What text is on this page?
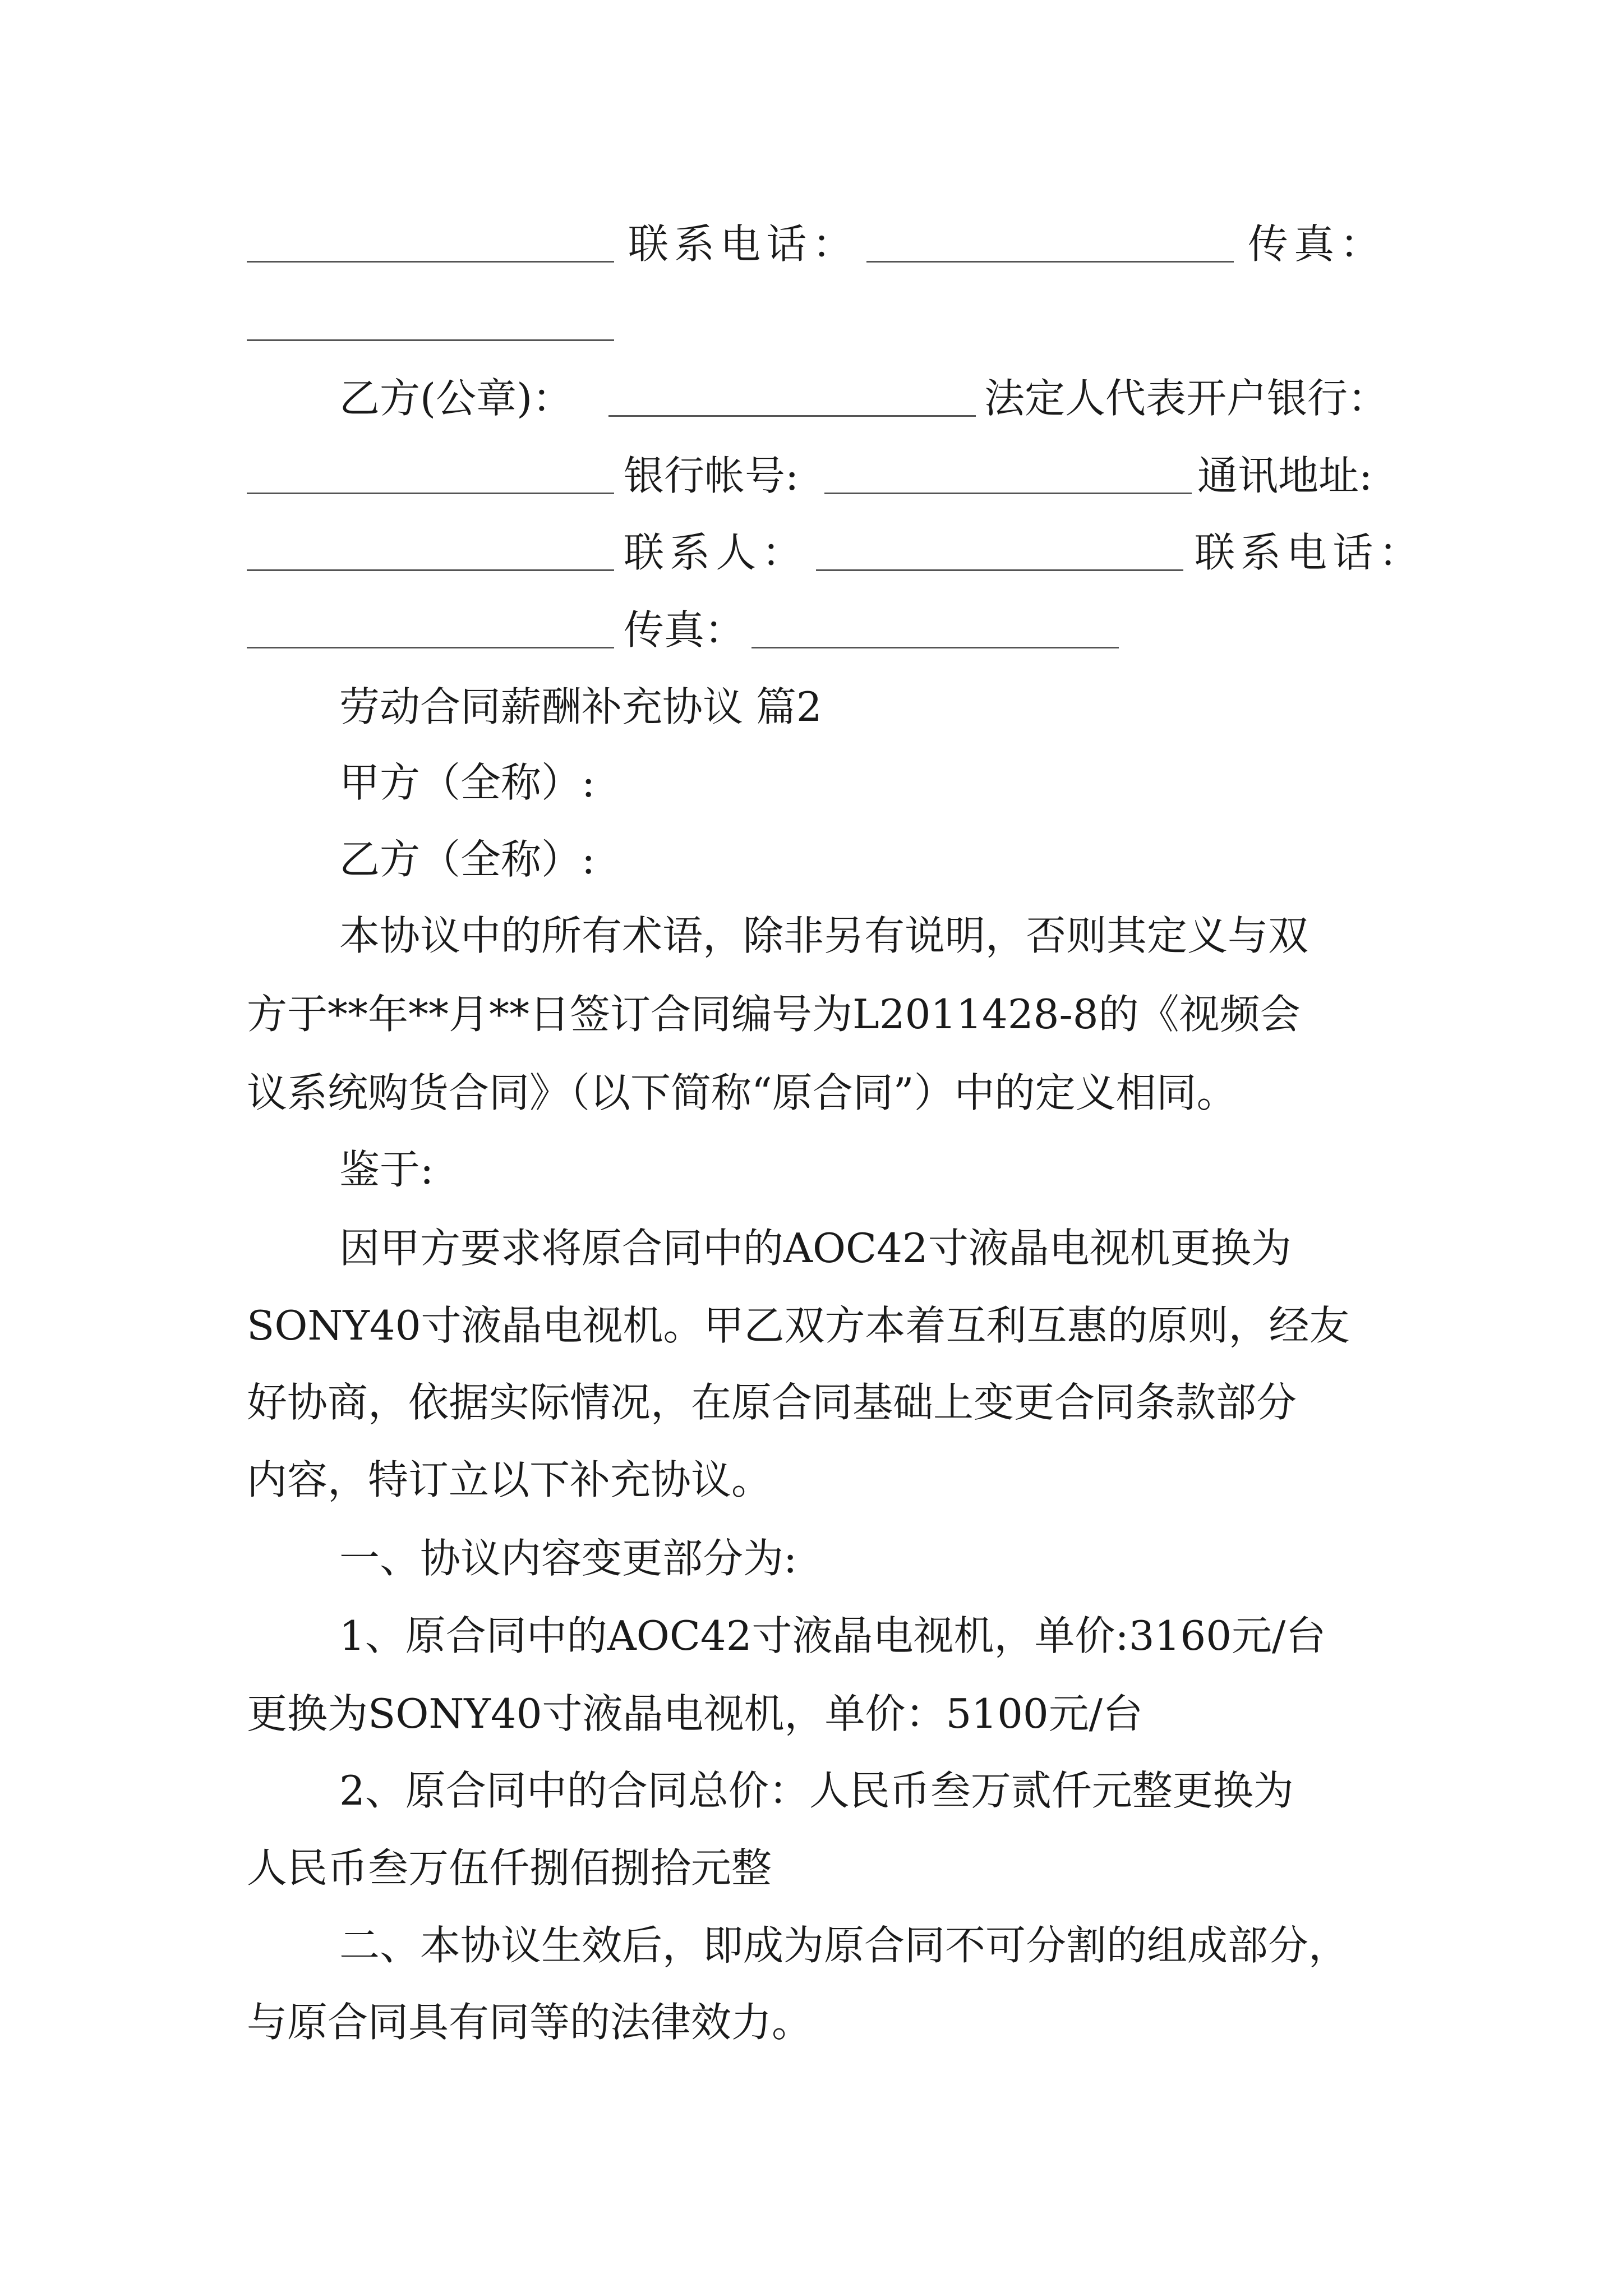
联系电话：	传真：
乙方(公章)：	法定人代表开户银行：
银行帐号:	通讯地址:
联系人：	联系电话：
传真：
劳动合同薪酬补充协议 篇2
甲方（全称）:
乙方（全称）:
本协议中的所有术语，除非另有说明，否则其定义与双
方于**年**月**日签订合同编号为L2011428-8的《视频会
议系统购货合同》（以下简称“原合同”）中的定义相同。
鉴于:
因甲方要求将原合同中的AOC42寸液晶电视机更换为
SONY40寸液晶电视机。甲乙双方本着互利互惠的原则，经友
好协商，依据实际情况，在原合同基础上变更合同条款部分
内容，特订立以下补充协议。
一、协议内容变更部分为:
1、原合同中的AOC42寸液晶电视机，单价:3160元/台
更换为SONY40寸液晶电视机，单价：5100元/台
2、原合同中的合同总价：人民币叁万贰仟元整更换为
人民币叁万伍仟捌佰捌拾元整
二、本协议生效后，即成为原合同不可分割的组成部分，
与原合同具有同等的法律效力。
